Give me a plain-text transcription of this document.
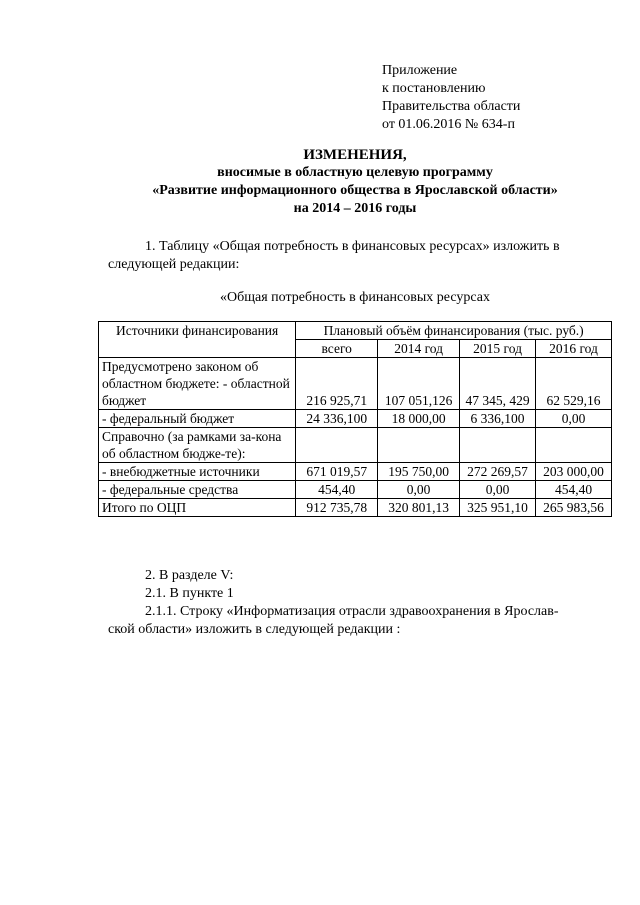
Приложение
к постановлению
Правительства области
от 01.06.2016 № 634-п
ИЗМЕНЕНИЯ,
вносимые в областную целевую программу
«Развитие информационного общества в Ярославской области»
на 2014 – 2016 годы
1. Таблицу «Общая потребность в финансовых ресурсах» изложить в
следующей редакции:
«Общая потребность в финансовых ресурсах
Источники финансирования	Плановый объём финансирования (тыс. руб.)			
	всего	2014 год	2015 год	2016 год
Предусмотрено законом об областном бюджете: - областной бюджет	216 925,71	107 051,126	47 345, 429	62 529,16
- федеральный бюджет	24 336,100	18 000,00	6 336,100	0,00
Справочно (за рамками за-кона об областном бюдже-те):				
- внебюджетные источники	671 019,57	195 750,00	272 269,57	203 000,00
- федеральные средства	454,40	0,00	0,00	454,40
Итого по ОЦП	912 735,78	320 801,13	325 951,10	265 983,56
2. В разделе V:
2.1. В пункте 1
2.1.1. Строку «Информатизация отрасли здравоохранения в Ярослав-
ской области» изложить в следующей редакции :
